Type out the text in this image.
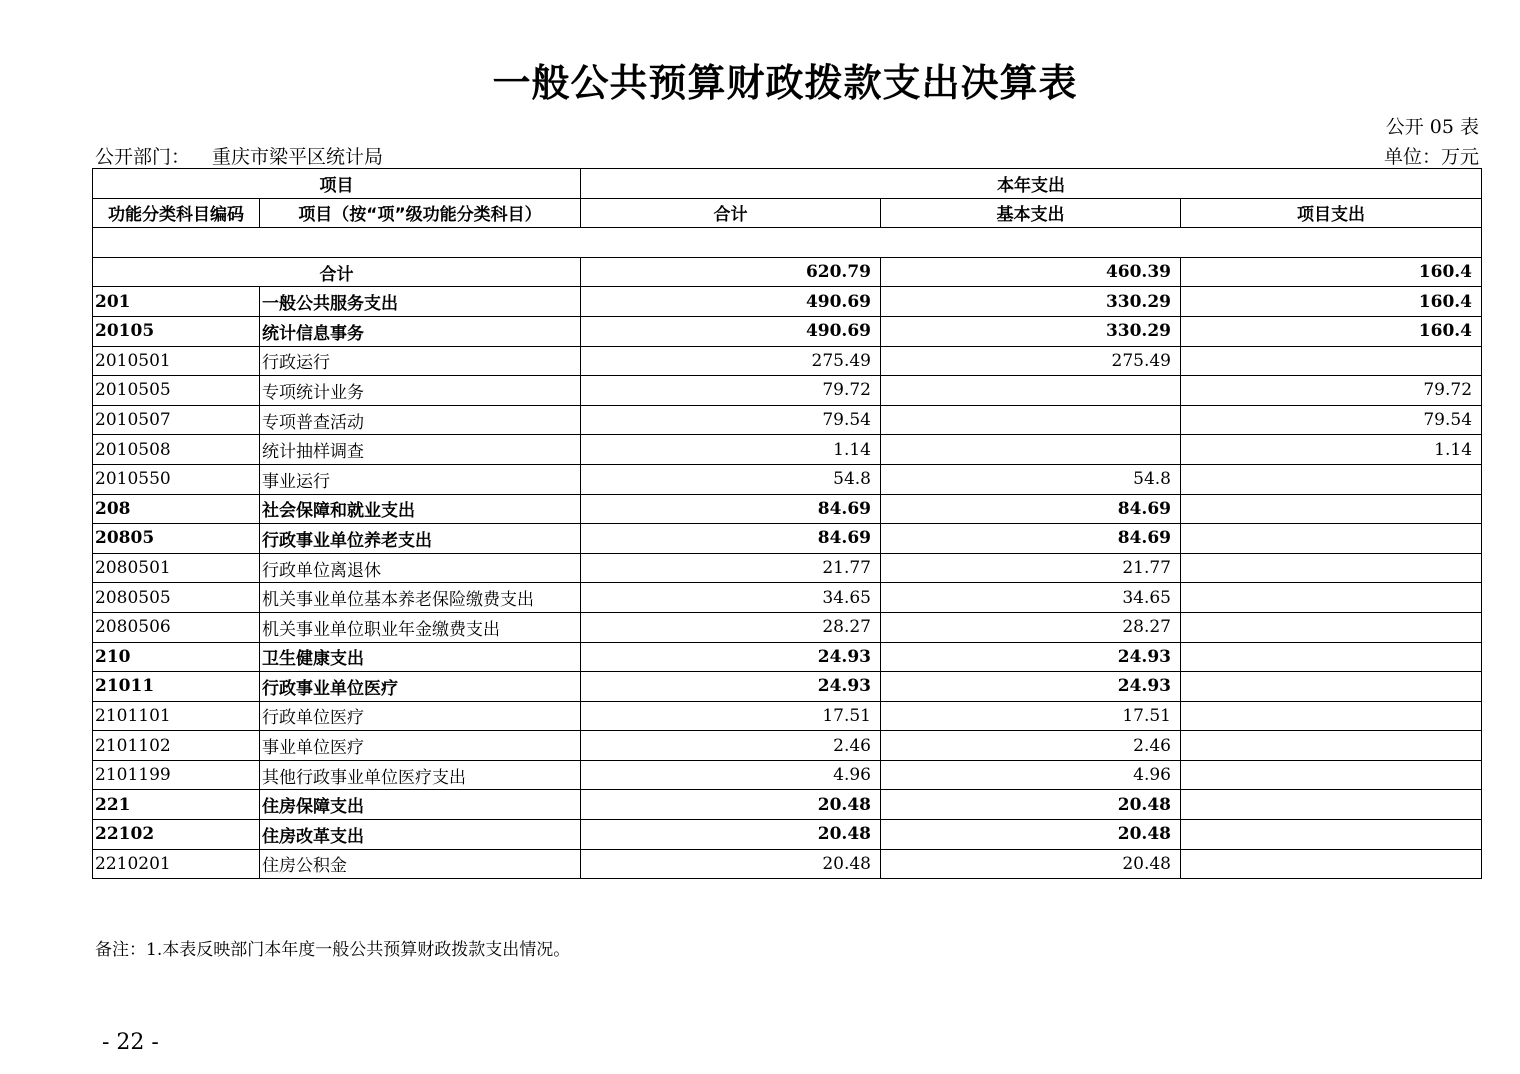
一般公共预算财政拨款支出决算表
公开 05 表
公开部门： 重庆市梁平区统计局	单位：万元
项目		本年支出		
功能分类科目编码	项目（按“项”级功能分类科目）	合计	基本支出	项目支出

合计		620.79	460.39	160.4
201	一般公共服务支出	490.69	330.29	160.4
20105	统计信息事务	490.69	330.29	160.4
2010501	行政运行	275.49	275.49	
2010505	专项统计业务	79.72		79.72
2010507	专项普查活动	79.54		79.54
2010508	统计抽样调查	1.14		1.14
2010550	事业运行	54.8	54.8	
208	社会保障和就业支出	84.69	84.69	
20805	行政事业单位养老支出	84.69	84.69	
2080501	行政单位离退休	21.77	21.77	
2080505	机关事业单位基本养老保险缴费支出	34.65	34.65	
2080506	机关事业单位职业年金缴费支出	28.27	28.27	
210	卫生健康支出	24.93	24.93	
21011	行政事业单位医疗	24.93	24.93	
2101101	行政单位医疗	17.51	17.51	
2101102	事业单位医疗	2.46	2.46	
2101199	其他行政事业单位医疗支出	4.96	4.96	
221	住房保障支出	20.48	20.48	
22102	住房改革支出	20.48	20.48	
2210201	住房公积金	20.48	20.48	
备注：1.本表反映部门本年度一般公共预算财政拨款支出情况。
- 22 -
